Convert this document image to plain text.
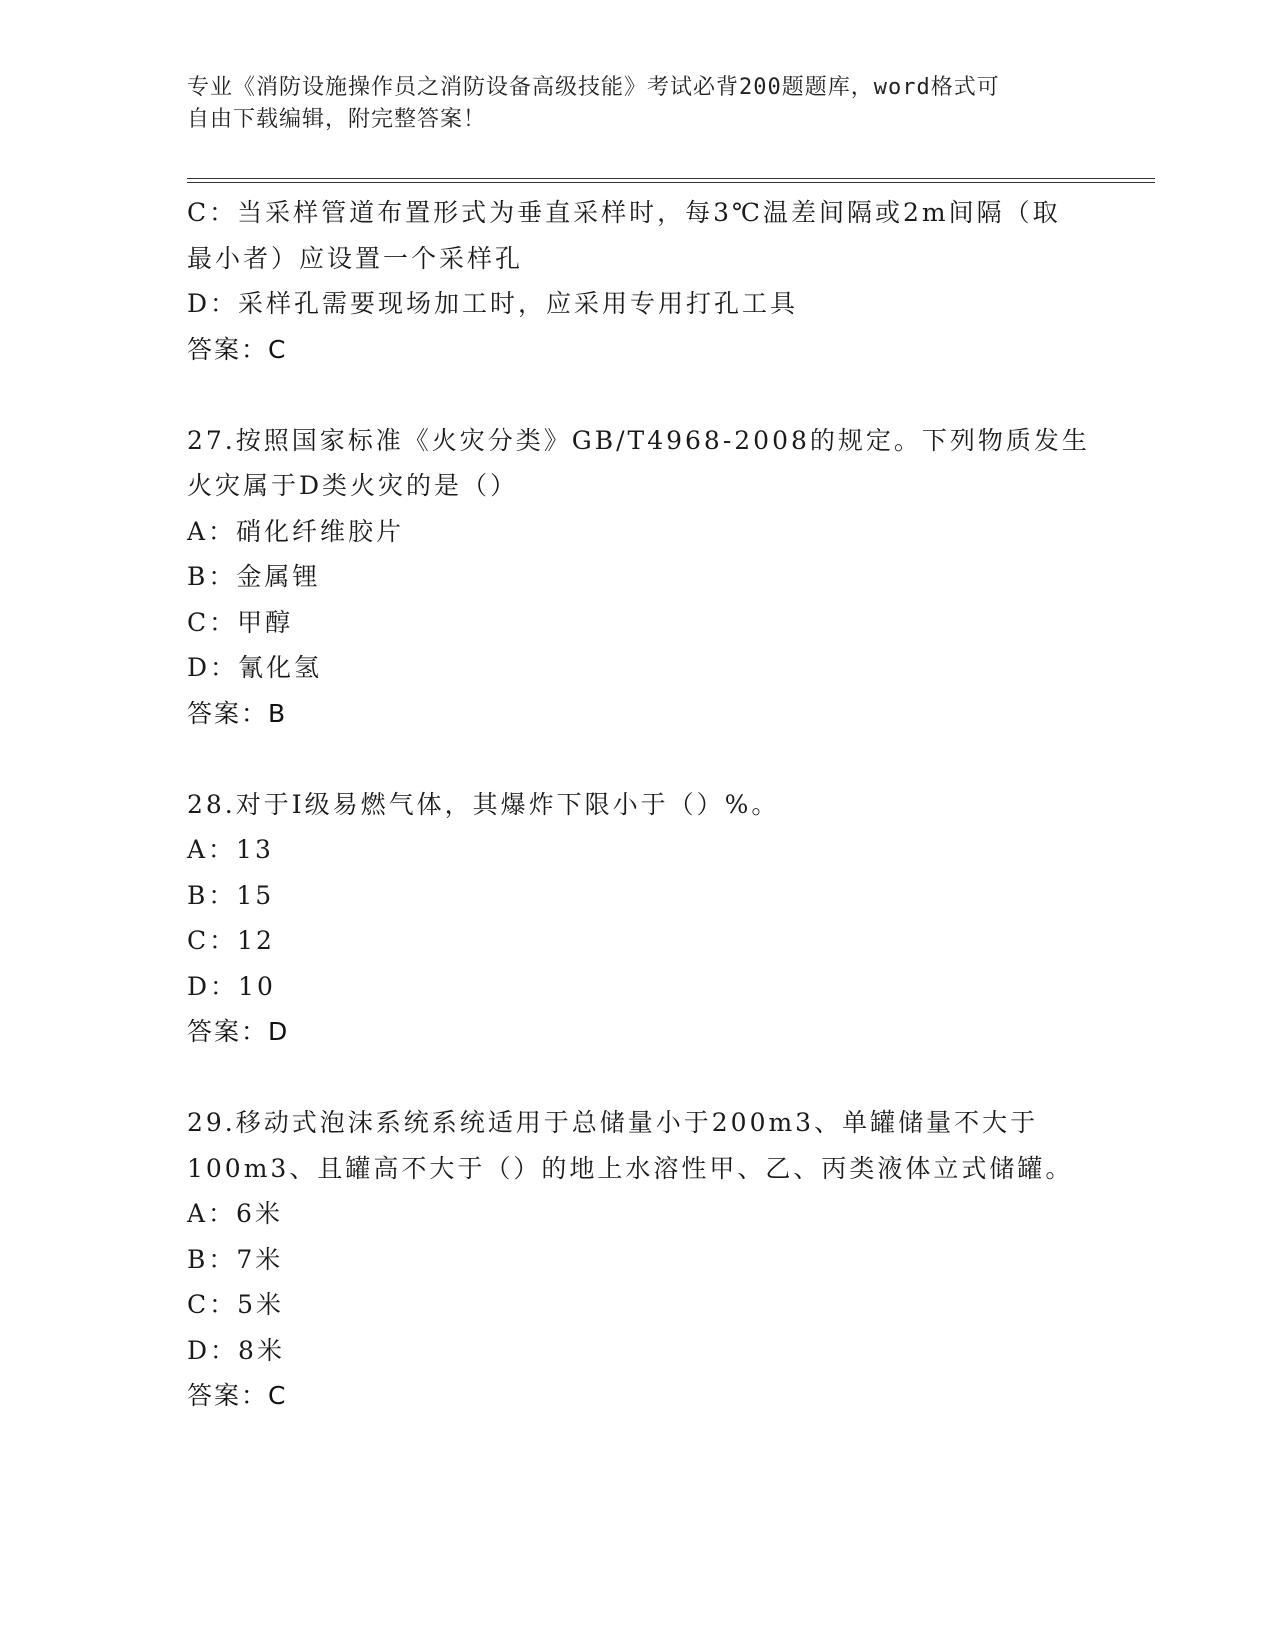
专业《消防设施操作员之消防设备高级技能》考试必背200题题库，word格式可
自由下载编辑，附完整答案！
C：当采样管道布置形式为垂直采样时，每3℃温差间隔或2m间隔（取
最小者）应设置一个采样孔
D：采样孔需要现场加工时，应采用专用打孔工具
答案：C
27.按照国家标准《火灾分类》GB/T4968-2008的规定。下列物质发生
火灾属于D类火灾的是（）
A：硝化纤维胶片
B：金属锂
C：甲醇
D：氰化氢
答案：B
28.对于Ⅰ级易燃气体，其爆炸下限小于（）%。
A：13
B：15
C：12
D：10
答案：D
29.移动式泡沫系统系统适用于总储量小于200m3、单罐储量不大于
100m3、且罐高不大于（）的地上水溶性甲、乙、丙类液体立式储罐。
A：6米
B：7米
C：5米
D：8米
答案：C
